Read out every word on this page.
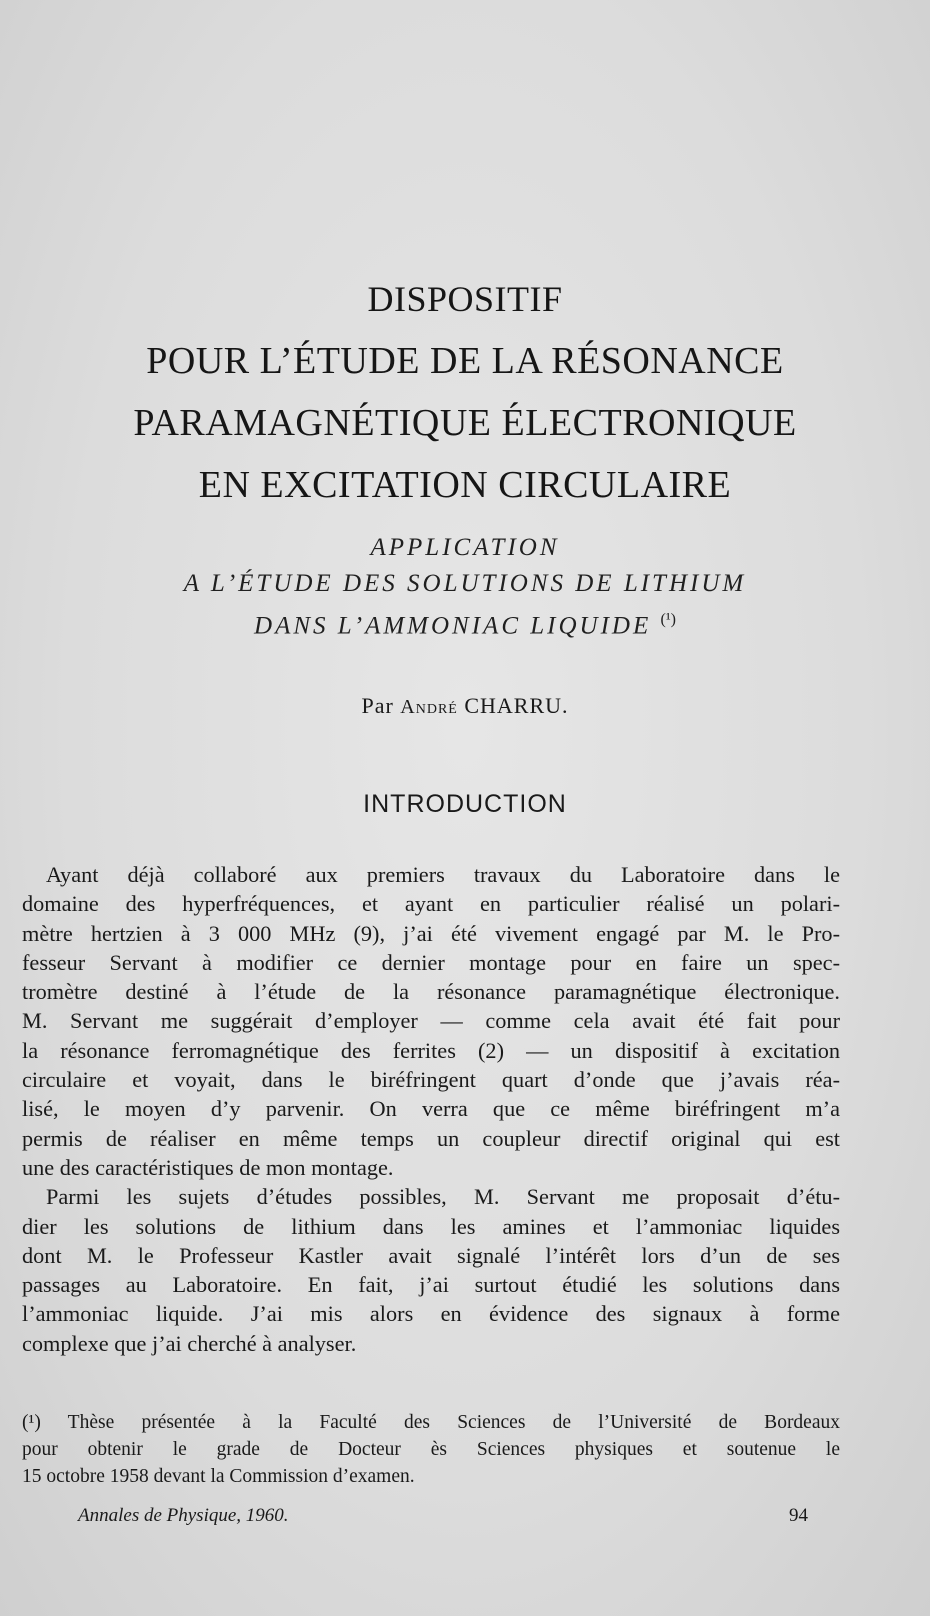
DISPOSITIF

POUR L’ÉTUDE DE LA RÉSONANCE

PARAMAGNÉTIQUE ÉLECTRONIQUE

EN EXCITATION CIRCULAIRE

APPLICATION

A L’ÉTUDE DES SOLUTIONS DE LITHIUM

DANS L’AMMONIAC LIQUIDE $^{(^1)}$

Par André CHARRU.
INTRODUCTION

Ayant déjà collaboré aux premiers travaux du Laboratoire dans le
domaine des hyperfréquences, et ayant en particulier réalisé un polari-
mètre hertzien à 3 000 MHz (9), j’ai été vivement engagé par M. le Pro-
fesseur Servant à modifier ce dernier montage pour en faire un spec-
tromètre destiné à l’étude de la résonance paramagnétique électronique.
M. Servant me suggérait d’employer — comme cela avait été fait pour
la résonance ferromagnétique des ferrites (2) — un dispositif à excitation
circulaire et voyait, dans le biréfringent quart d’onde que j’avais réa-
lisé, le moyen d’y parvenir. On verra que ce même biréfringent m’a
permis de réaliser en même temps un coupleur directif original qui est
une des caractéristiques de mon montage.

Parmi les sujets d’études possibles, M. Servant me proposait d’étu-
dier les solutions de lithium dans les amines et l’ammoniac liquides
dont M. le Professeur Kastler avait signalé l’intérêt lors d’un de ses
passages au Laboratoire. En fait, j’ai surtout étudié les solutions dans
l’ammoniac liquide. J’ai mis alors en évidence des signaux à forme
complexe que j’ai cherché à analyser.

(¹) Thèse présentée à la Faculté des Sciences de l’Université de Bordeaux
pour obtenir le grade de Docteur ès Sciences physiques et soutenue le
15 octobre 1958 devant la Commission d’examen.
Annales de Physique, 1960.	94
